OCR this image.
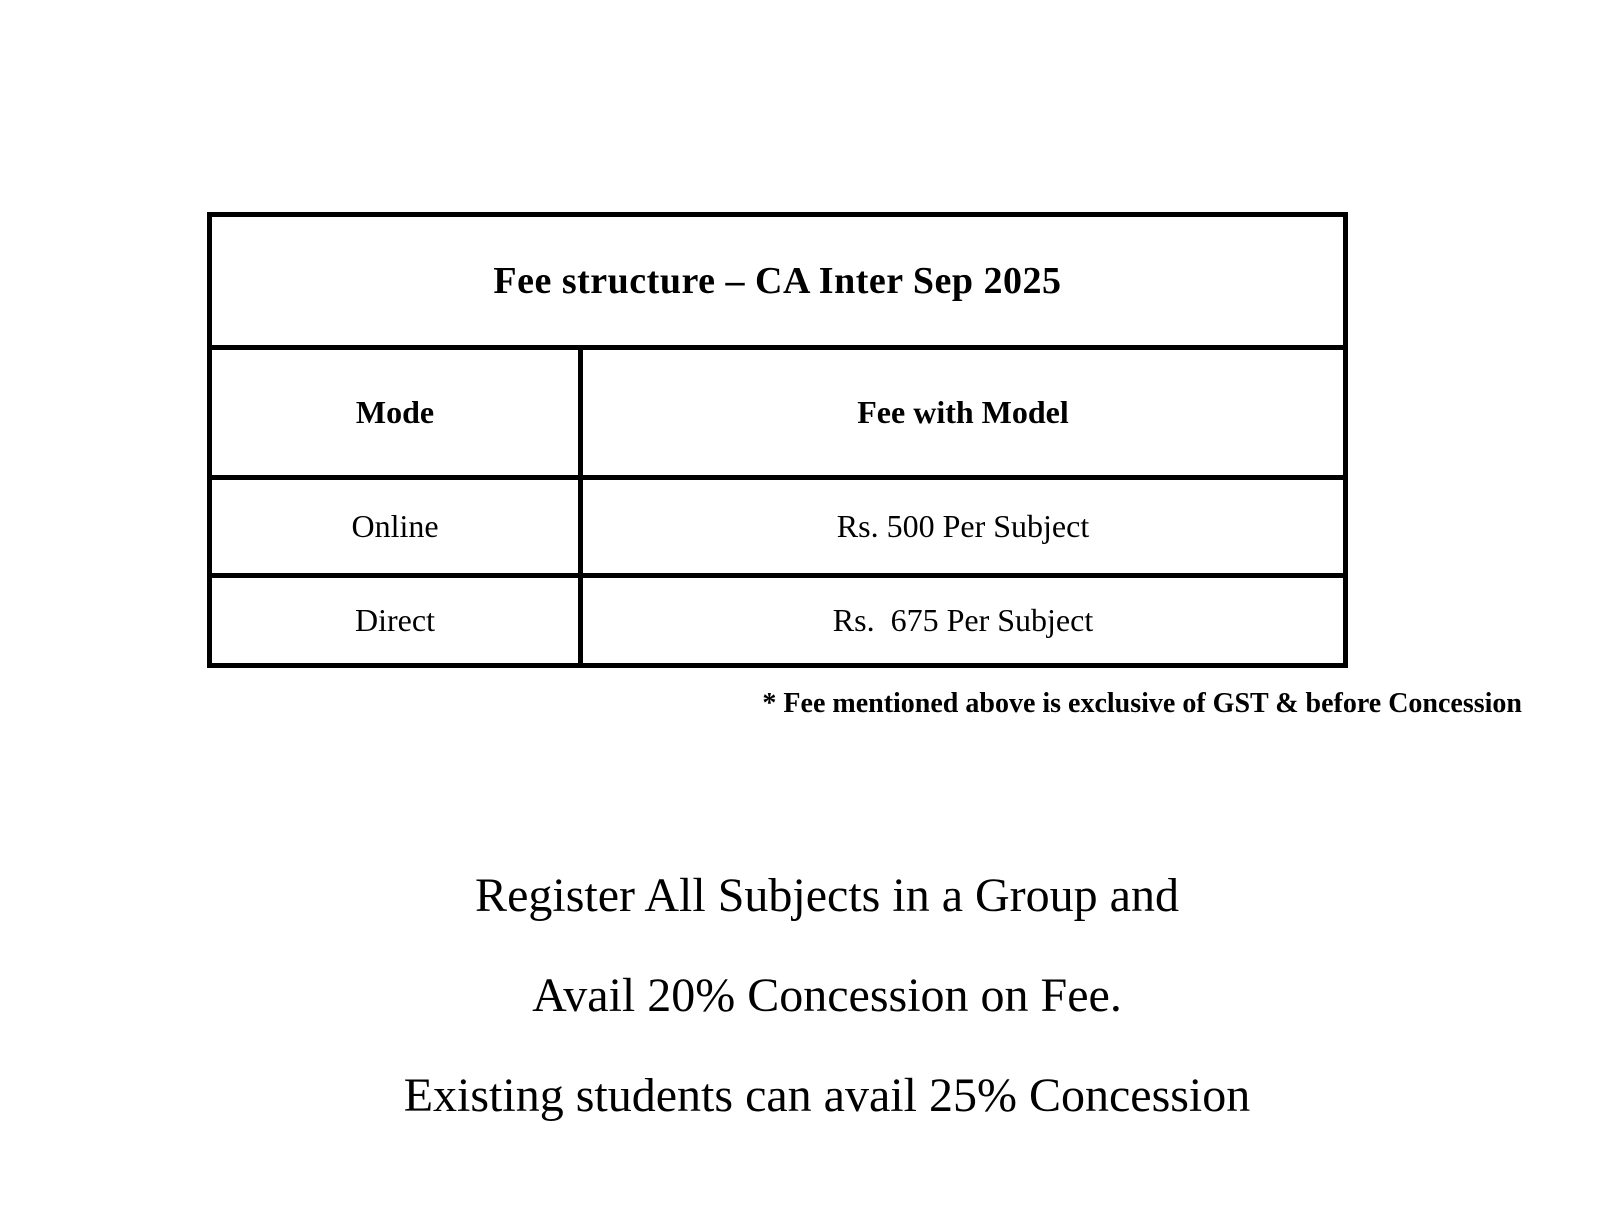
Fee structure – CA Inter Sep 2025
Mode	Fee with Model
Online	Rs. 500 Per Subject
Direct	Rs.  675 Per Subject
* Fee mentioned above is exclusive of GST & before Concession
Register All Subjects in a Group and
Avail 20% Concession on Fee.
Existing students can avail 25% Concession
